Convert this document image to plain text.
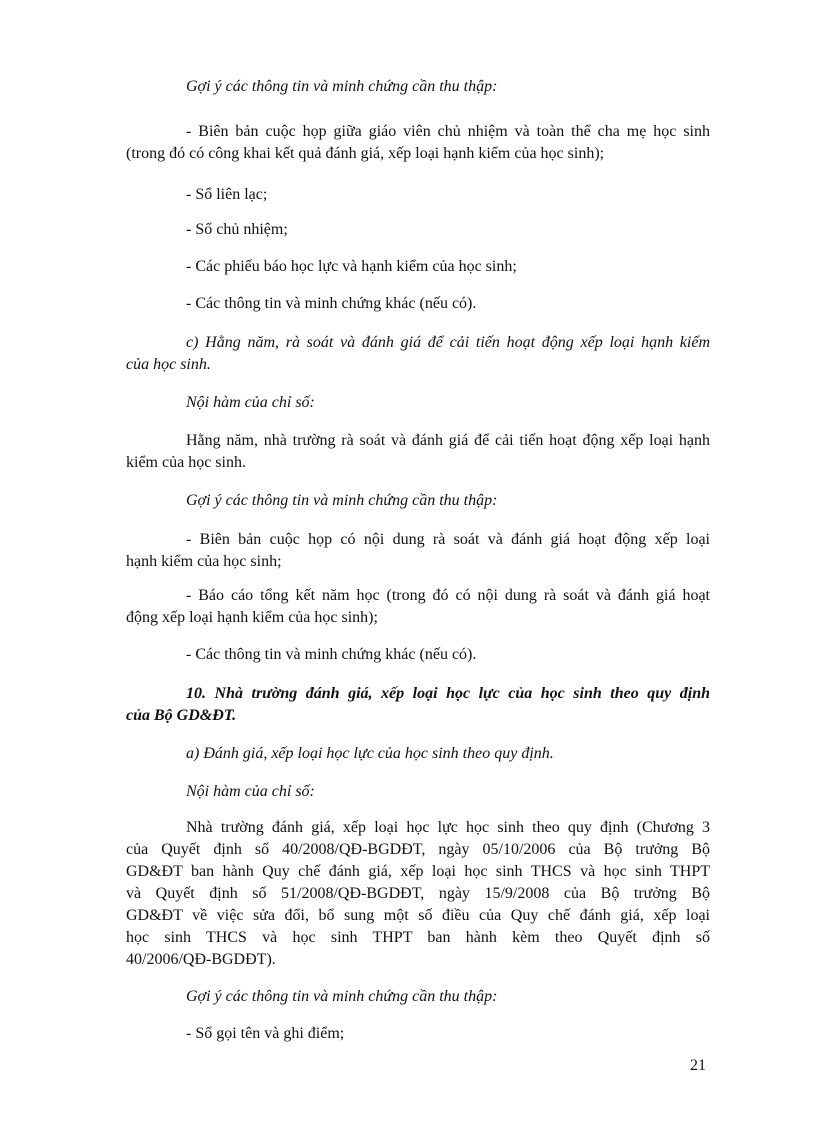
Gợi ý các thông tin và minh chứng cần thu thập:
- Biên bản cuộc họp giữa giáo viên chủ nhiệm và toàn thể cha mẹ học sinh
(trong đó có công khai kết quả đánh giá, xếp loại hạnh kiểm của học sinh);
- Sổ liên lạc;
- Sổ chủ nhiệm;
- Các phiếu báo học lực và hạnh kiểm của học sinh;
- Các thông tin và minh chứng khác (nếu có).
c) Hằng năm, rà soát và đánh giá để cải tiến hoạt động xếp loại hạnh kiểm
của học sinh.
Nội hàm của chỉ số:
Hằng năm, nhà trường rà soát và đánh giá để cải tiến hoạt động xếp loại hạnh
kiểm của học sinh.
Gợi ý các thông tin và minh chứng cần thu thập:
- Biên bản cuộc họp có nội dung rà soát và đánh giá hoạt động xếp loại
hạnh kiểm của học sinh;
- Báo cáo tổng kết năm học (trong đó có nội dung rà soát và đánh giá hoạt
động xếp loại hạnh kiểm của học sinh);
- Các thông tin và minh chứng khác (nếu có).
10. Nhà trường đánh giá, xếp loại học lực của học sinh theo quy định
của Bộ GD&ĐT.
a) Đánh giá, xếp loại học lực của học sinh theo quy định.
Nội hàm của chỉ số:
Nhà trường đánh giá, xếp loại học lực học sinh theo quy định (Chương 3
của Quyết định số 40/2008/QĐ-BGDĐT, ngày 05/10/2006 của Bộ trưởng Bộ
GD&ĐT ban hành Quy chế đánh giá, xếp loại học sinh THCS và học sinh THPT
và Quyết định số 51/2008/QĐ-BGDĐT, ngày 15/9/2008 của Bộ trưởng Bộ
GD&ĐT về việc sửa đổi, bổ sung một số điều của Quy chế đánh giá, xếp loại
học sinh THCS và học sinh THPT ban hành kèm theo Quyết định số
40/2006/QĐ-BGDĐT).
Gợi ý các thông tin và minh chứng cần thu thập:
- Sổ gọi tên và ghi điểm;
21
